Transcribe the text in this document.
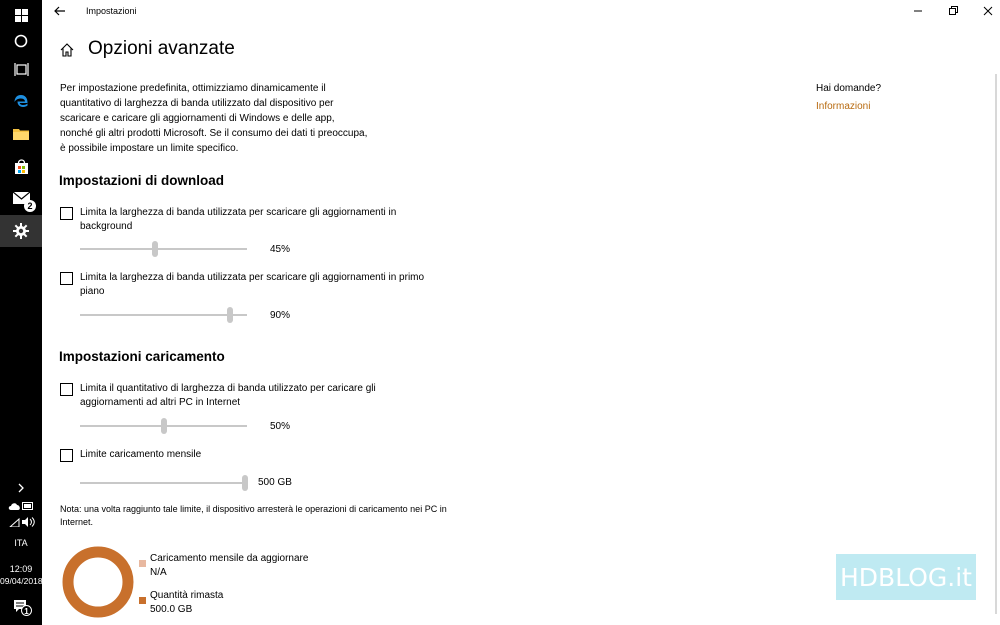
2
ITA
12:09
09/04/2018
1
Impostazioni
Opzioni avanzate

Per impostazione predefinita, ottimizziamo dinamicamente il quantitativo di larghezza di banda utilizzato dal dispositivo per scaricare e caricare gli aggiornamenti di Windows e delle app, nonché gli altri prodotti Microsoft. Se il consumo dei dati ti preoccupa, è possibile impostare un limite specifico.

Impostazioni di download
Limita la larghezza di banda utilizzata per scaricare gli aggiornamenti in background
45%
Limita la larghezza di banda utilizzata per scaricare gli aggiornamenti in primo piano
90%
Impostazioni caricamento
Limita il quantitativo di larghezza di banda utilizzato per caricare gli aggiornamenti ad altri PC in Internet
50%
Limite caricamento mensile
500 GB

Nota: una volta raggiunto tale limite, il dispositivo arresterà le operazioni di caricamento nei PC in Internet.

Caricamento mensile da aggiornare
N/A
Quantità rimasta
500.0 GB
Hai domande?
Informazioni
HDBLOG.it
